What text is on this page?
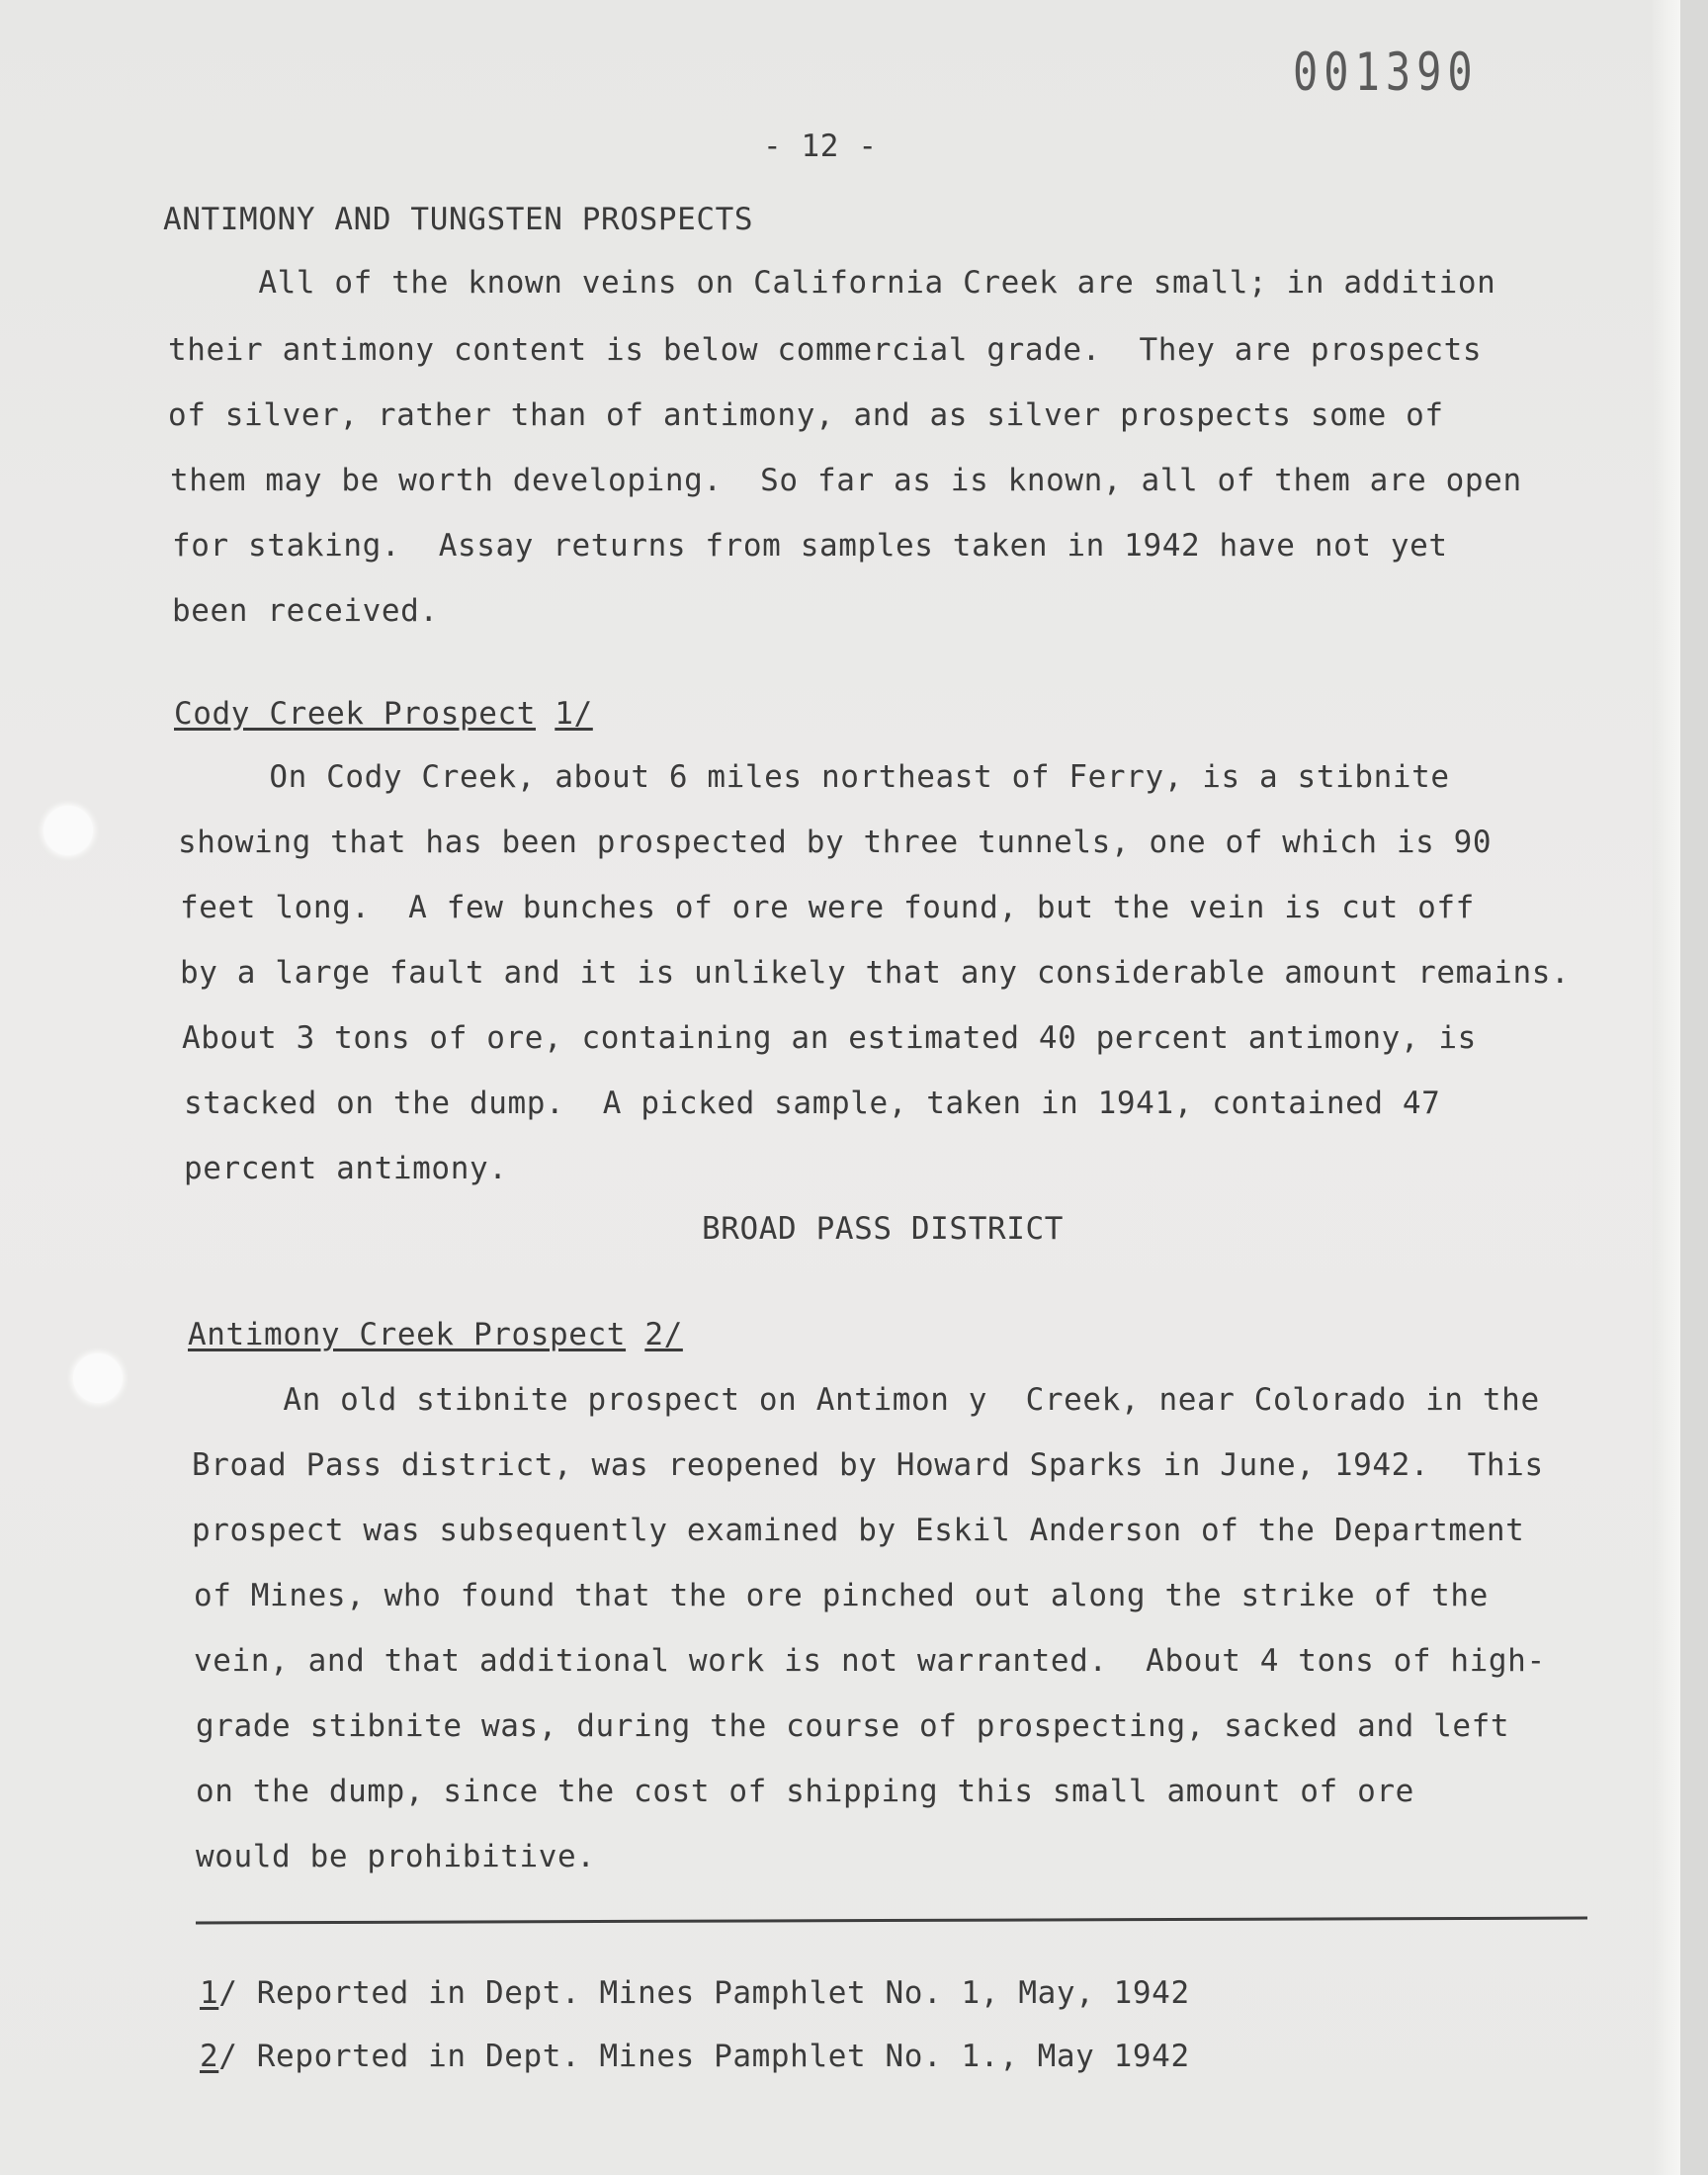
001390
- 12 -
ANTIMONY AND TUNGSTEN PROSPECTS
All of the known veins on California Creek are small; in addition
their antimony content is below commercial grade.  They are prospects
of silver, rather than of antimony, and as silver prospects some of
them may be worth developing.  So far as is known, all of them are open
for staking.  Assay returns from samples taken in 1942 have not yet
been received.
Cody Creek Prospect 1/
On Cody Creek, about 6 miles northeast of Ferry, is a stibnite
showing that has been prospected by three tunnels, one of which is 90
feet long.  A few bunches of ore were found, but the vein is cut off
by a large fault and it is unlikely that any considerable amount remains.
About 3 tons of ore, containing an estimated 40 percent antimony, is
stacked on the dump.  A picked sample, taken in 1941, contained 47
percent antimony.
BROAD PASS DISTRICT
Antimony Creek Prospect 2/
An old stibnite prospect on Antimon y  Creek, near Colorado in the
Broad Pass district, was reopened by Howard Sparks in June, 1942.  This
prospect was subsequently examined by Eskil Anderson of the Department
of Mines, who found that the ore pinched out along the strike of the
vein, and that additional work is not warranted.  About 4 tons of high-
grade stibnite was, during the course of prospecting, sacked and left
on the dump, since the cost of shipping this small amount of ore
would be prohibitive.
1/ Reported in Dept. Mines Pamphlet No. 1, May, 1942
2/ Reported in Dept. Mines Pamphlet No. 1., May 1942
